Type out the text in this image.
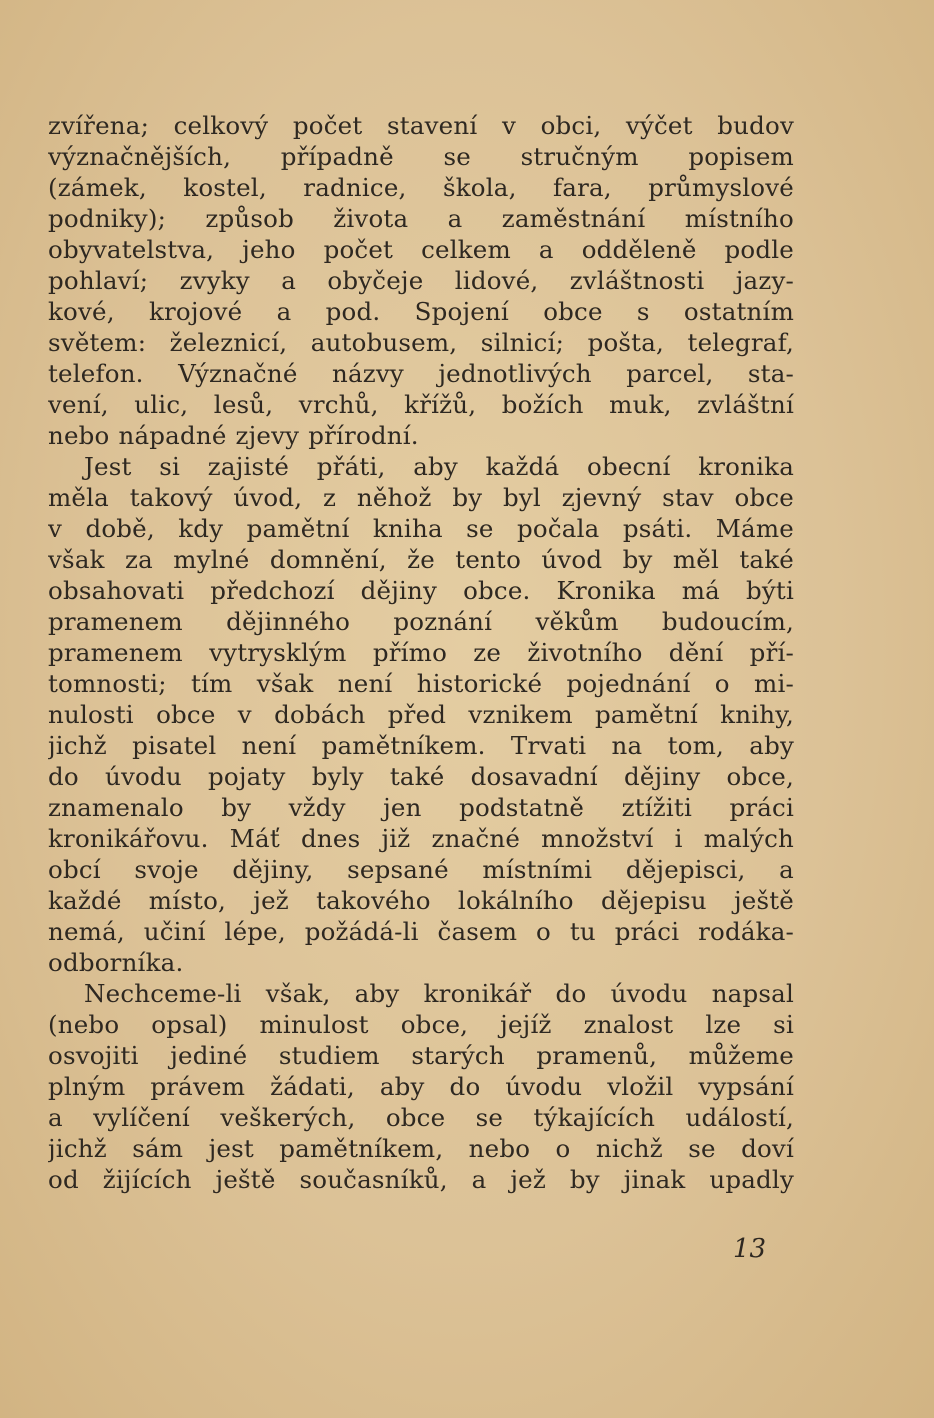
zvířena; celkový počet stavení v obci, výčet budov
význačnějších, případně se stručným popisem
(zámek, kostel, radnice, škola, fara, průmyslové
podniky); způsob života a zaměstnání místního
obyvatelstva, jeho počet celkem a odděleně podle
pohlaví; zvyky a obyčeje lidové, zvláštnosti jazy-
kové, krojové a pod. Spojení obce s ostatním
světem: železnicí, autobusem, silnicí; pošta, telegraf,
telefon. Význačné názvy jednotlivých parcel, sta-
vení, ulic, lesů, vrchů, křížů, božích muk, zvláštní
nebo nápadné zjevy přírodní.
Jest si zajisté přáti, aby každá obecní kronika
měla takový úvod, z něhož by byl zjevný stav obce
v době, kdy pamětní kniha se počala psáti. Máme
však za mylné domnění, že tento úvod by měl také
obsahovati předchozí dějiny obce. Kronika má býti
pramenem dějinného poznání věkům budoucím,
pramenem vytrysklým přímo ze životního dění pří-
tomnosti; tím však není historické pojednání o mi-
nulosti obce v dobách před vznikem pamětní knihy,
jichž pisatel není pamětníkem. Trvati na tom, aby
do úvodu pojaty byly také dosavadní dějiny obce,
znamenalo by vždy jen podstatně ztížiti práci
kronikářovu. Máť dnes již značné množství i malých
obcí svoje dějiny, sepsané místními dějepisci, a
každé místo, jež takového lokálního dějepisu ještě
nemá, učiní lépe, požádá-li časem o tu práci rodáka-
odborníka.
Nechceme-li však, aby kronikář do úvodu napsal
(nebo opsal) minulost obce, jejíž znalost lze si
osvojiti jediné studiem starých pramenů, můžeme
plným právem žádati, aby do úvodu vložil vypsání
a vylíčení veškerých, obce se týkajících událostí,
jichž sám jest pamětníkem, nebo o nichž se doví
od žijících ještě současníků, a jež by jinak upadly
13
